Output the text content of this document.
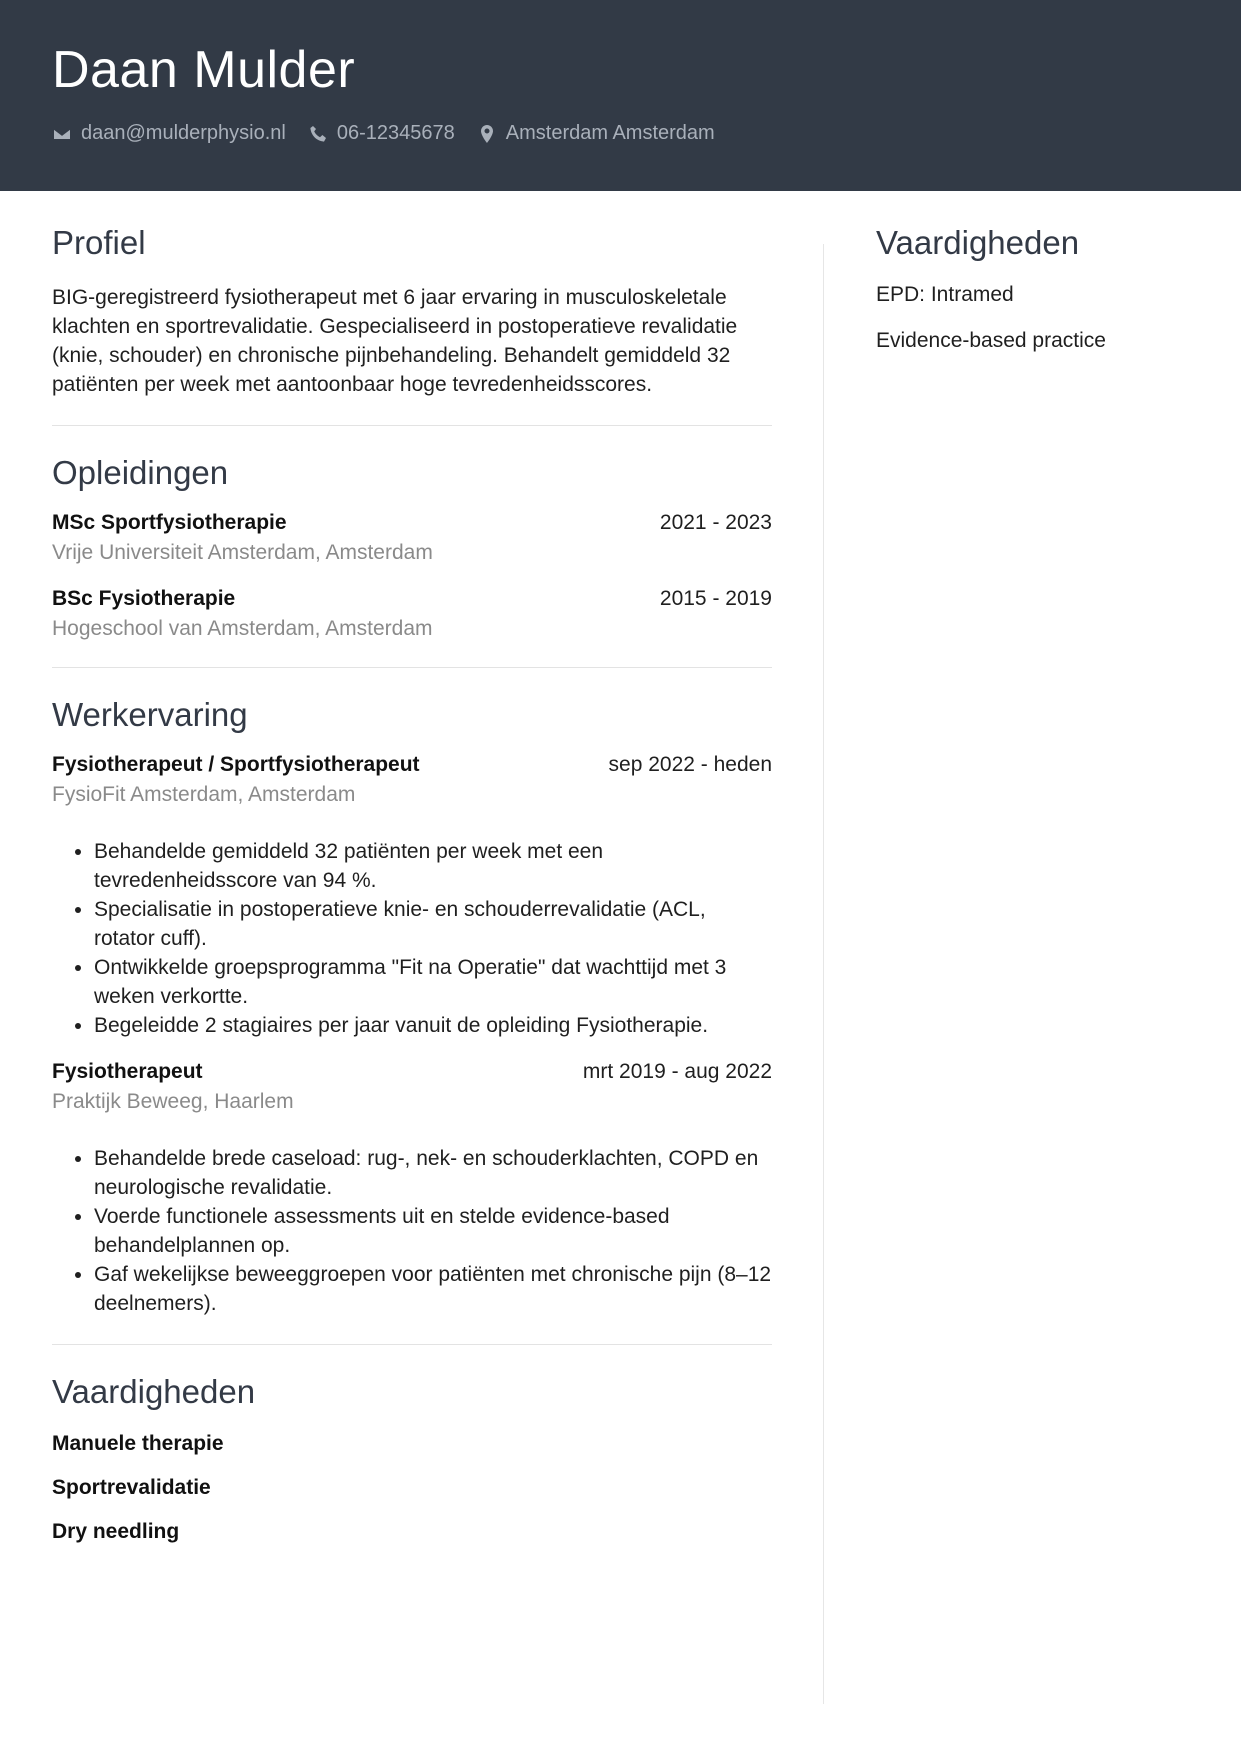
Daan Mulder
daan@mulderphysio.nl	06-12345678	Amsterdam Amsterdam
Profiel

BIG-geregistreerd fysiotherapeut met 6 jaar ervaring in musculoskeletale klachten en sportrevalidatie. Gespecialiseerd in postoperatieve revalidatie (knie, schouder) en chronische pijnbehandeling. Behandelt gemiddeld 32 patiënten per week met aantoonbaar hoge tevredenheidsscores.

Opleidingen
MSc Sportfysiotherapie	2021 - 2023
Vrije Universiteit Amsterdam, Amsterdam
BSc Fysiotherapie	2015 - 2019
Hogeschool van Amsterdam, Amsterdam
Werkervaring
Fysiotherapeut / Sportfysiotherapeut	sep 2022 - heden
FysioFit Amsterdam, Amsterdam
• Behandelde gemiddeld 32 patiënten per week met een tevredenheidsscore van 94 %.
• Specialisatie in postoperatieve knie- en schouderrevalidatie (ACL, rotator cuff).
• Ontwikkelde groepsprogramma "Fit na Operatie" dat wachttijd met 3 weken verkortte.
• Begeleidde 2 stagiaires per jaar vanuit de opleiding Fysiotherapie.
Fysiotherapeut	mrt 2019 - aug 2022
Praktijk Beweeg, Haarlem
• Behandelde brede caseload: rug-, nek- en schouderklachten, COPD en neurologische revalidatie.
• Voerde functionele assessments uit en stelde evidence-based behandelplannen op.
• Gaf wekelijkse beweeggroepen voor patiënten met chronische pijn (8–12 deelnemers).
Vaardigheden
Manuele therapie
Sportrevalidatie
Dry needling
Vaardigheden
EPD: Intramed
Evidence-based practice
